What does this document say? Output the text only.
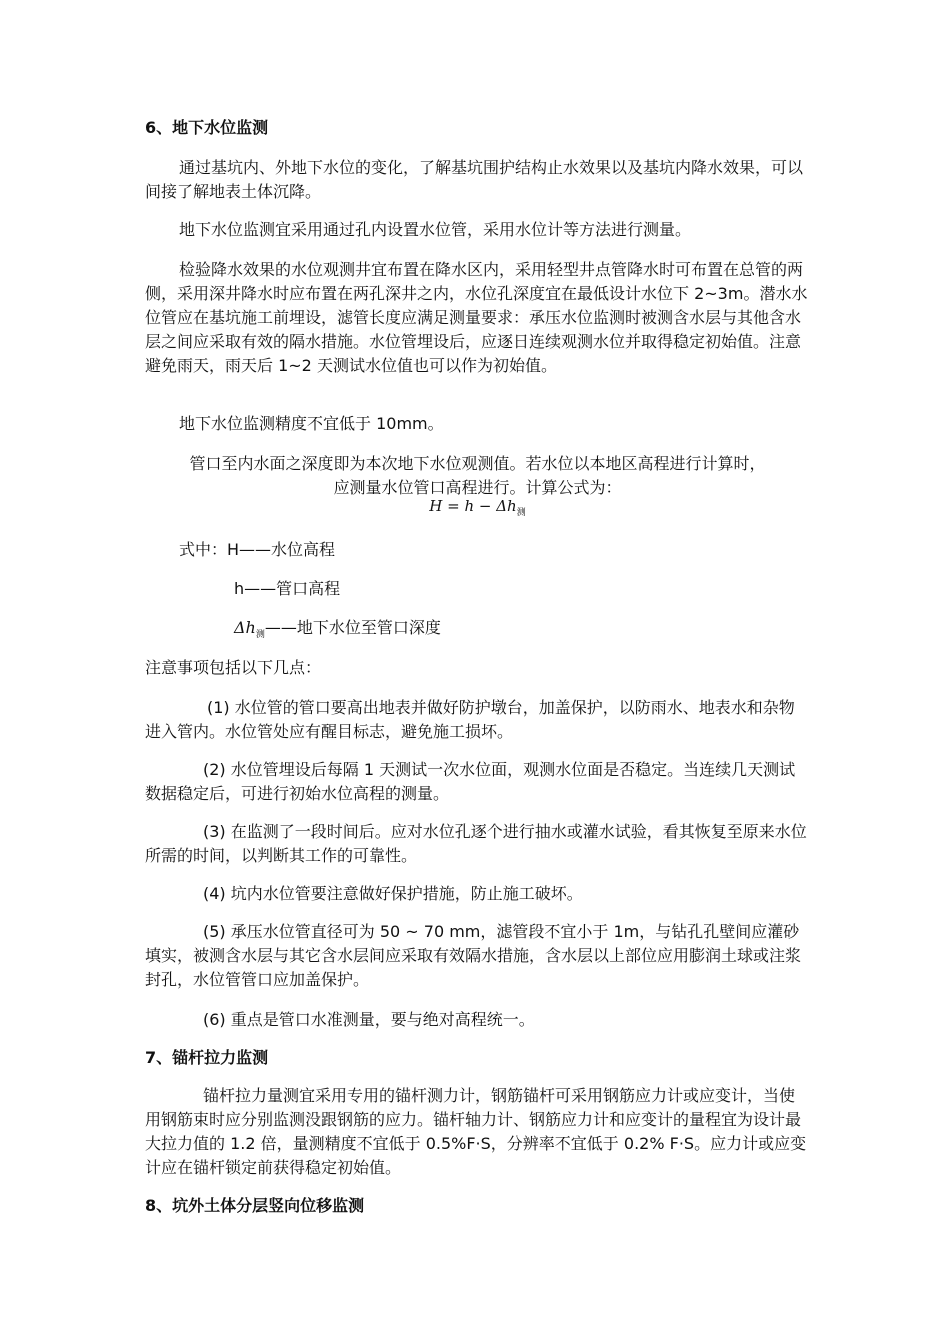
6、地下水位监测

通过基坑内、外地下水位的变化，了解基坑围护结构止水效果以及基坑内降水效果，可以间接了解地表土体沉降。

地下水位监测宜采用通过孔内设置水位管，采用水位计等方法进行测量。

检验降水效果的水位观测井宜布置在降水区内，采用轻型井点管降水时可布置在总管的两侧，采用深井降水时应布置在两孔深井之内，水位孔深度宜在最低设计水位下 2~3m。潜水水位管应在基坑施工前埋设，滤管长度应满足测量要求：承压水位监测时被测含水层与其他含水层之间应采取有效的隔水措施。水位管埋设后，应逐日连续观测水位并取得稳定初始值。注意避免雨天，雨天后 1~2 天测试水位值也可以作为初始值。

地下水位监测精度不宜低于 10mm。

管口至内水面之深度即为本次地下水位观测值。若水位以本地区高程进行计算时，

应测量水位管口高程进行。计算公式为：

$H = h - \Delta h_测$
式中：H——水位高程
h——管口高程
$\Delta h_测——$地下水位至管口深度

注意事项包括以下几点：

(1) 水位管的管口要高出地表并做好防护墩台，加盖保护，以防雨水、地表水和杂物进入管内。水位管处应有醒目标志，避免施工损坏。

(2) 水位管埋设后每隔 1 天测试一次水位面，观测水位面是否稳定。当连续几天测试数据稳定后，可进行初始水位高程的测量。

(3) 在监测了一段时间后。应对水位孔逐个进行抽水或灌水试验，看其恢复至原来水位所需的时间，以判断其工作的可靠性。

(4) 坑内水位管要注意做好保护措施，防止施工破坏。

(5) 承压水位管直径可为 50 ~ 70 mm，滤管段不宜小于 1m，与钻孔孔壁间应灌砂填实，被测含水层与其它含水层间应采取有效隔水措施，含水层以上部位应用膨润土球或注浆封孔，水位管管口应加盖保护。

(6) 重点是管口水准测量，要与绝对高程统一。

7、锚杆拉力监测

锚杆拉力量测宜采用专用的锚杆测力计，钢筋锚杆可采用钢筋应力计或应变计，当使用钢筋束时应分别监测没跟钢筋的应力。锚杆轴力计、钢筋应力计和应变计的量程宜为设计最大拉力值的 1.2 倍，量测精度不宜低于 0.5%F·S，分辨率不宜低于 0.2% F·S。应力计或应变计应在锚杆锁定前获得稳定初始值。

8、坑外土体分层竖向位移监测
